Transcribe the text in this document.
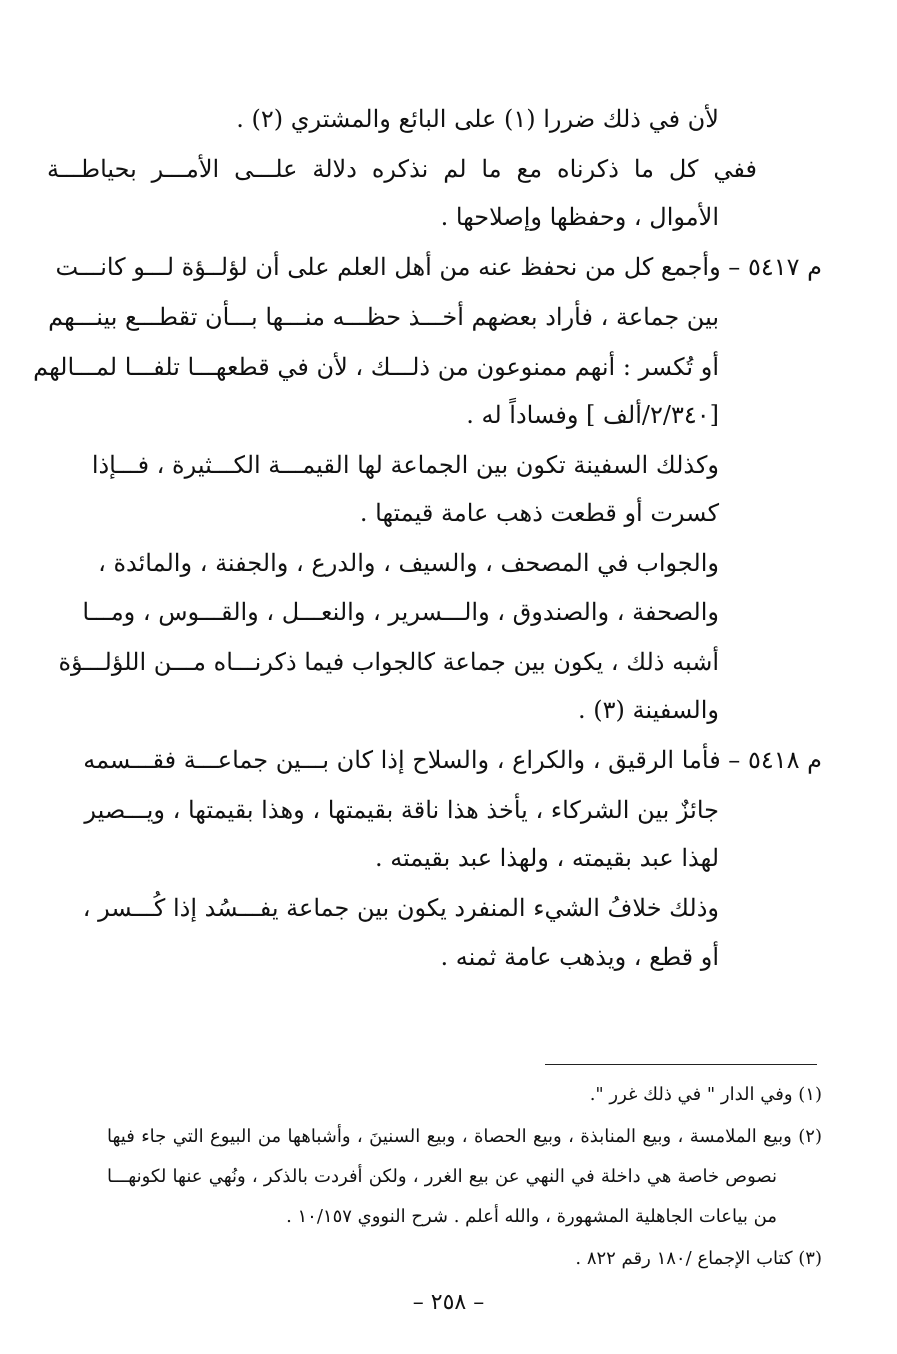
لأن في ذلك ضررا (١) على البائع والمشتري (٢) .
ففي كل ما ذكرناه مع ما لم نذكره دلالة علـــى الأمـــر بحياطـــة
الأموال ، وحفظها وإصلاحها .
م ٥٤١٧ – وأجمع كل من نحفظ عنه من أهل العلم على أن لؤلــؤة لـــو كانـــت
بين جماعة ، فأراد بعضهم أخـــذ حظـــه منـــها بـــأن تقطـــع بينـــهم
أو تُكسر : أنهم ممنوعون من ذلـــك ، لأن في قطعهـــا تلفـــا لمـــالهم
[٢/٣٤٠/ألف ] وفساداً له .
وكذلك السفينة تكون بين الجماعة لها القيمـــة الكـــثيرة ، فـــإذا
كسرت أو قطعت ذهب عامة قيمتها .
والجواب في المصحف ، والسيف ، والدرع ، والجفنة ، والمائدة ،
والصحفة ، والصندوق ، والـــسرير ، والنعـــل ، والقـــوس ، ومـــا
أشبه ذلك ، يكون بين جماعة كالجواب فيما ذكرنـــاه مـــن اللؤلـــؤة
والسفينة (٣) .
م ٥٤١٨ – فأما الرقيق ، والكراع ، والسلاح إذا كان بـــين جماعـــة فقـــسمه
جائزٌ بين الشركاء ، يأخذ هذا ناقة بقيمتها ، وهذا بقيمتها ، ويـــصير
لهذا عبد بقيمته ، ولهذا عبد بقيمته .
وذلك خلافُ الشيء المنفرد يكون بين جماعة يفـــسُد إذا كُـــسر ،
أو قطع ، ويذهب عامة ثمنه .
(١) وفي الدار " في ذلك غرر ".
(٢) وبيع الملامسة ، وبيع المنابذة ، وبيع الحصاة ، وبيع السنينَ ، وأشباهها من البيوع التي جاء فيها
نصوص خاصة هي داخلة في النهي عن بيع الغرر ، ولكن أفردت بالذكر ، ونُهي عنها لكونهـــا
من بياعات الجاهلية المشهورة ، والله أعلم . شرح النووي ١٠/١٥٧ .
(٣) كتاب الإجماع /١٨٠ رقم ٨٢٢ .
– ٢٥٨ –
